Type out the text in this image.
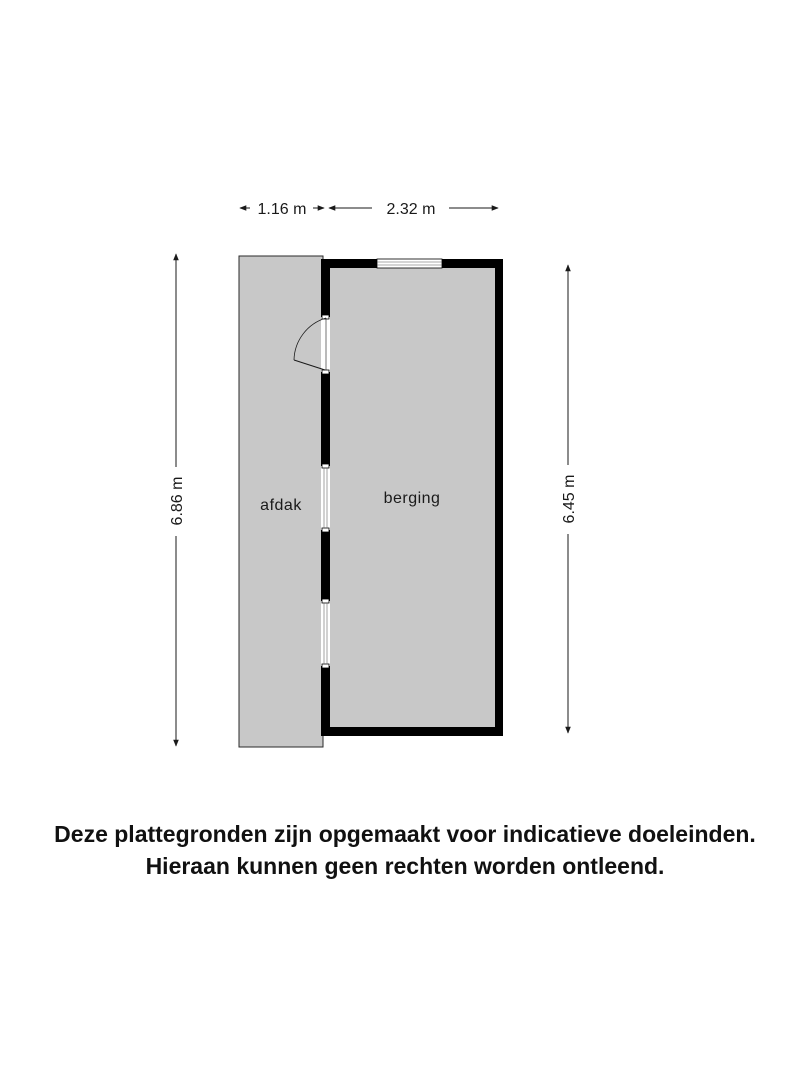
1.16 m	2.32 m
6.86 m	6.45 m
afdak	berging
Deze plattegronden zijn opgemaakt voor indicatieve doeleinden.
Hieraan kunnen geen rechten worden ontleend.
